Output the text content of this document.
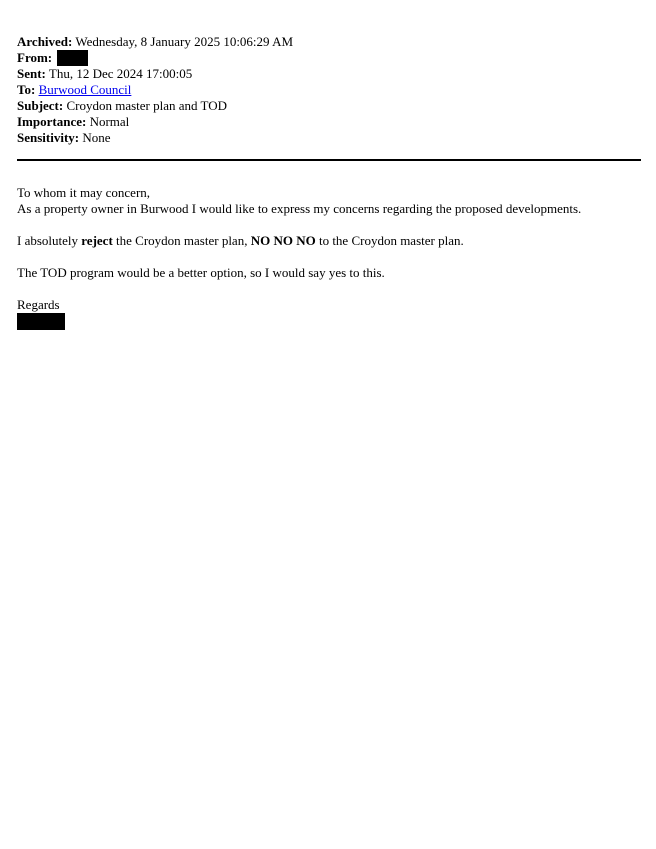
Archived: Wednesday, 8 January 2025 10:06:29 AM
From:
Sent: Thu, 12 Dec 2024 17:00:05
To: Burwood Council
Subject: Croydon master plan and TOD
Importance: Normal
Sensitivity: None
To whom it may concern,
As a property owner in Burwood I would like to express my concerns regarding the proposed developments.
I absolutely reject the Croydon master plan, NO NO NO to the Croydon master plan.
The TOD program would be a better option, so I would say yes to this.
Regards
